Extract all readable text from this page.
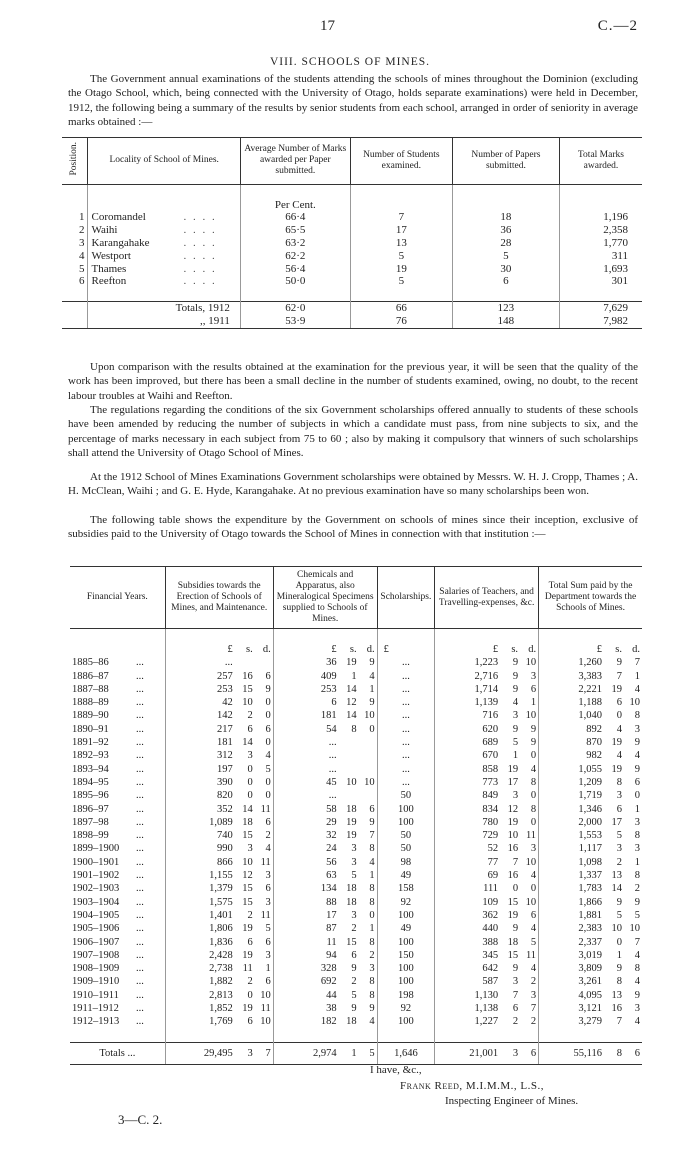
17	C.—2
VIII. SCHOOLS OF MINES.

The Government annual examinations of the students attending the schools of mines throughout the Dominion (excluding the Otago School, which, being connected with the University of Otago, holds separate examinations) were held in December, 1912, the following being a summary of the results by senior students from each school, arranged in order of seniority in average marks obtained :—

Position.	Locality of School of Mines.	Average Number of Marks awarded per Paper submitted.	Number of Students examined.	Number of Papers submitted.	Total Marks awarded.
		Per Cent.			
1	Coromandel . . . .	66·4	7	18	1,196
2	Waihi . . . .	65·5	17	36	2,358
3	Karangahake . . . .	63·2	13	28	1,770
4	Westport . . . .	62·2	5	5	311
5	Thames . . . .	56·4	19	30	1,693
6	Reefton . . . .	50·0	5	6	301

	Totals, 1912	62·0	66	123	7,629
	,, 1911	53·9	76	148	7,982

Upon comparison with the results obtained at the examination for the previous year, it will be seen that the quality of the work has been improved, but there has been a small decline in the number of students examined, owing, no doubt, to the recent labour troubles at Waihi and Reefton.

The regulations regarding the conditions of the six Government scholarships offered annually to students of these schools have been amended by reducing the number of subjects in which a candidate must pass, from nine subjects to six, and the percentage of marks necessary in each subject from 75 to 60 ; also by making it compulsory that winners of such scholarships shall attend the University of Otago School of Mines.

At the 1912 School of Mines Examinations Government scholarships were obtained by Messrs. W. H. J. Cropp, Thames ; A. H. McClean, Waihi ; and G. E. Hyde, Karangahake. At no previous examination have so many scholarships been won.

The following table shows the expenditure by the Government on schools of mines since their inception, exclusive of subsidies paid to the University of Otago towards the School of Mines in connection with that institution :—

Financial Years.	Subsidies towards the Erection of Schools of Mines, and Maintenance.	Chemicals and Apparatus, also Mineralogical Specimens supplied to Schools of Mines.	Scholarships.	Salaries of Teachers, and Travelling-expenses, &c.	Total Sum paid by the Department towards the Schools of Mines.

	£ s. d.	£ s. d.	£	£ s. d.	£ s. d.

1885–86 ...	...	36 19 9	...	1,223 9 10	1,260 9 7

1886–87 ...	257 16 6	409 1 4	...	2,716 9 3	3,383 7 1

1887–88 ...	253 15 9	253 14 1	...	1,714 9 6	2,221 19 4

1888–89 ...	42 10 0	6 12 9	...	1,139 4 1	1,188 6 10

1889–90 ...	142 2 0	181 14 10	...	716 3 10	1,040 0 8

1890–91 ...	217 6 6	54 8 0	...	620 9 9	892 4 3

1891–92 ...	181 14 0	...	...	689 5 9	870 19 9

1892–93 ...	312 3 4	...	...	670 1 0	982 4 4

1893–94 ...	197 0 5	...	...	858 19 4	1,055 19 9

1894–95 ...	390 0 0	45 10 10	...	773 17 8	1,209 8 6

1895–96 ...	820 0 0	...	50	849 3 0	1,719 3 0

1896–97 ...	352 14 11	58 18 6	100	834 12 8	1,346 6 1

1897–98 ...	1,089 18 6	29 19 9	100	780 19 0	2,000 17 3

1898–99 ...	740 15 2	32 19 7	50	729 10 11	1,553 5 8

1899–1900 ...	990 3 4	24 3 8	50	52 16 3	1,117 3 3

1900–1901 ...	866 10 11	56 3 4	98	77 7 10	1,098 2 1

1901–1902 ...	1,155 12 3	63 5 1	49	69 16 4	1,337 13 8

1902–1903 ...	1,379 15 6	134 18 8	158	111 0 0	1,783 14 2

1903–1904 ...	1,575 15 3	88 18 8	92	109 15 10	1,866 9 9

1904–1905 ...	1,401 2 11	17 3 0	100	362 19 6	1,881 5 5

1905–1906 ...	1,806 19 5	87 2 1	49	440 9 4	2,383 10 10

1906–1907 ...	1,836 6 6	11 15 8	100	388 18 5	2,337 0 7

1907–1908 ...	2,428 19 3	94 6 2	150	345 15 11	3,019 1 4

1908–1909 ...	2,738 11 1	328 9 3	100	642 9 4	3,809 9 8

1909–1910 ...	1,882 2 6	692 2 8	100	587 3 2	3,261 8 4

1910–1911 ...	2,813 0 10	44 5 8	198	1,130 7 3	4,095 13 9

1911–1912 ...	1,852 19 11	38 9 9	92	1,138 6 7	3,121 16 3

1912–1913 ...	1,769 6 10	182 18 4	100	1,227 2 2	3,279 7 4

Totals ...	29,495 3 7	2,974 1 5	1,646	21,001 3 6	55,116 8 6
I have, &c.,
Frank Reed, M.I.M.M., L.S.,
Inspecting Engineer of Mines.
3—C. 2.
